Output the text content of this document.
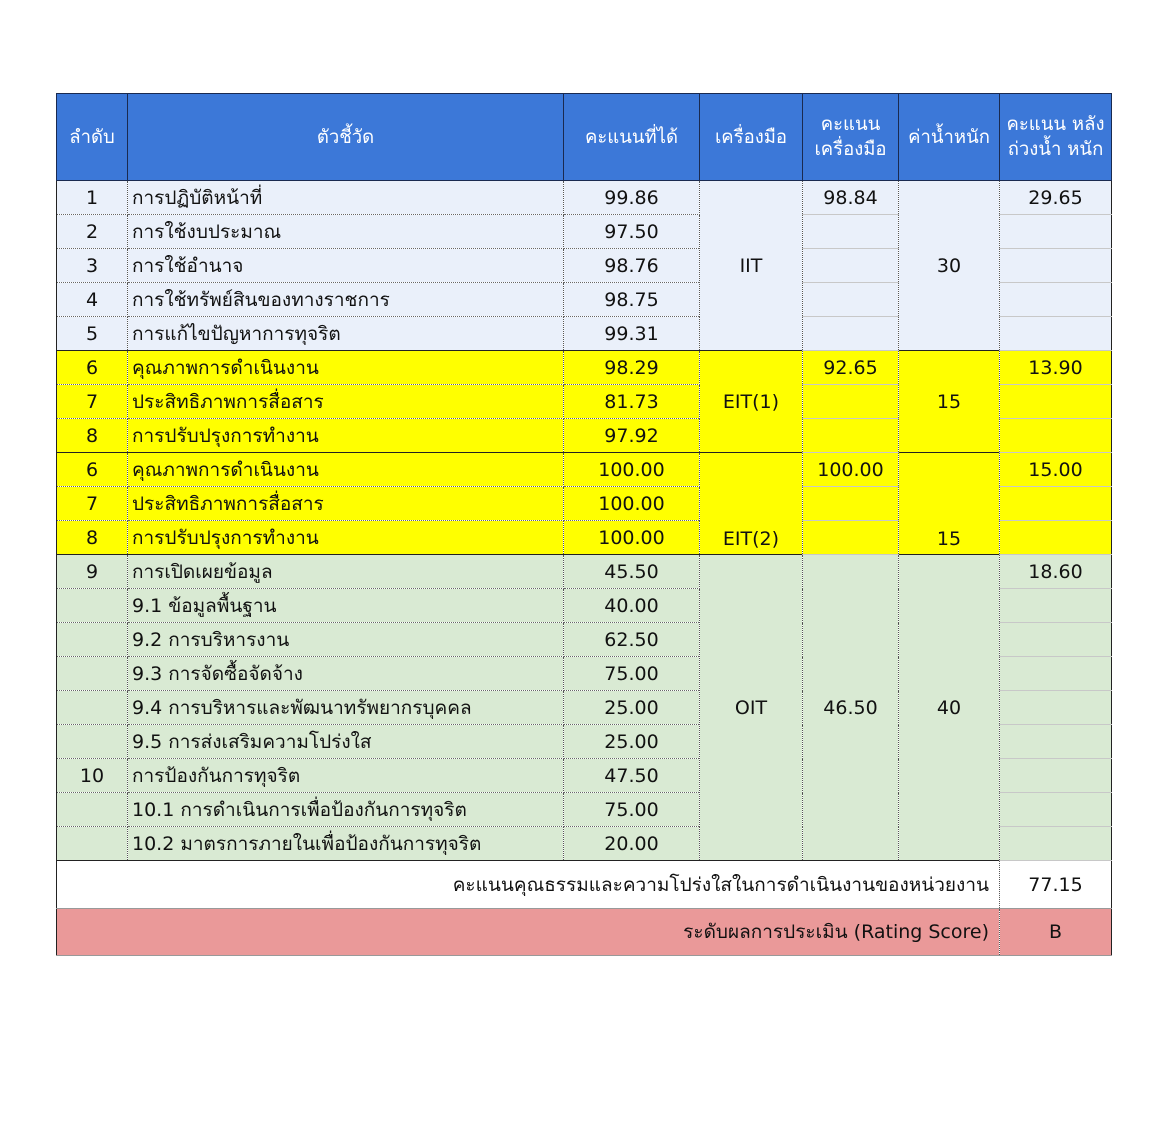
ลำดับ	ตัวชี้วัด	คะแนนที่ได้	เครื่องมือ	คะแนน เครื่องมือ	ค่าน้ำหนัก	คะแนน หลังถ่วงน้ำ หนัก
1	การปฏิบัติหน้าที่	99.86	IIT	98.84	30	29.65
2	การใช้งบประมาณ	97.50				
3	การใช้อำนาจ	98.76				
4	การใช้ทรัพย์สินของทางราชการ	98.75				
5	การแก้ไขปัญหาการทุจริต	99.31				
6	คุณภาพการดำเนินงาน	98.29	EIT(1)	92.65	15	13.90
7	ประสิทธิภาพการสื่อสาร	81.73				
8	การปรับปรุงการทำงาน	97.92				
6	คุณภาพการดำเนินงาน	100.00	EIT(2)	100.00	15	15.00
7	ประสิทธิภาพการสื่อสาร	100.00				
8	การปรับปรุงการทำงาน	100.00				
9	การเปิดเผยข้อมูล	45.50	OIT	46.50	40	18.60
	9.1 ข้อมูลพื้นฐาน	40.00				
	9.2 การบริหารงาน	62.50				
	9.3 การจัดซื้อจัดจ้าง	75.00				
	9.4 การบริหารและพัฒนาทรัพยากรบุคคล	25.00				
	9.5 การส่งเสริมความโปร่งใส	25.00				
10	การป้องกันการทุจริต	47.50				
	10.1 การดำเนินการเพื่อป้องกันการทุจริต	75.00				
	10.2 มาตรการภายในเพื่อป้องกันการทุจริต	20.00				
คะแนนคุณธรรมและความโปร่งใสในการดำเนินงานของหน่วยงาน						77.15
ระดับผลการประเมิน (Rating Score)						B
